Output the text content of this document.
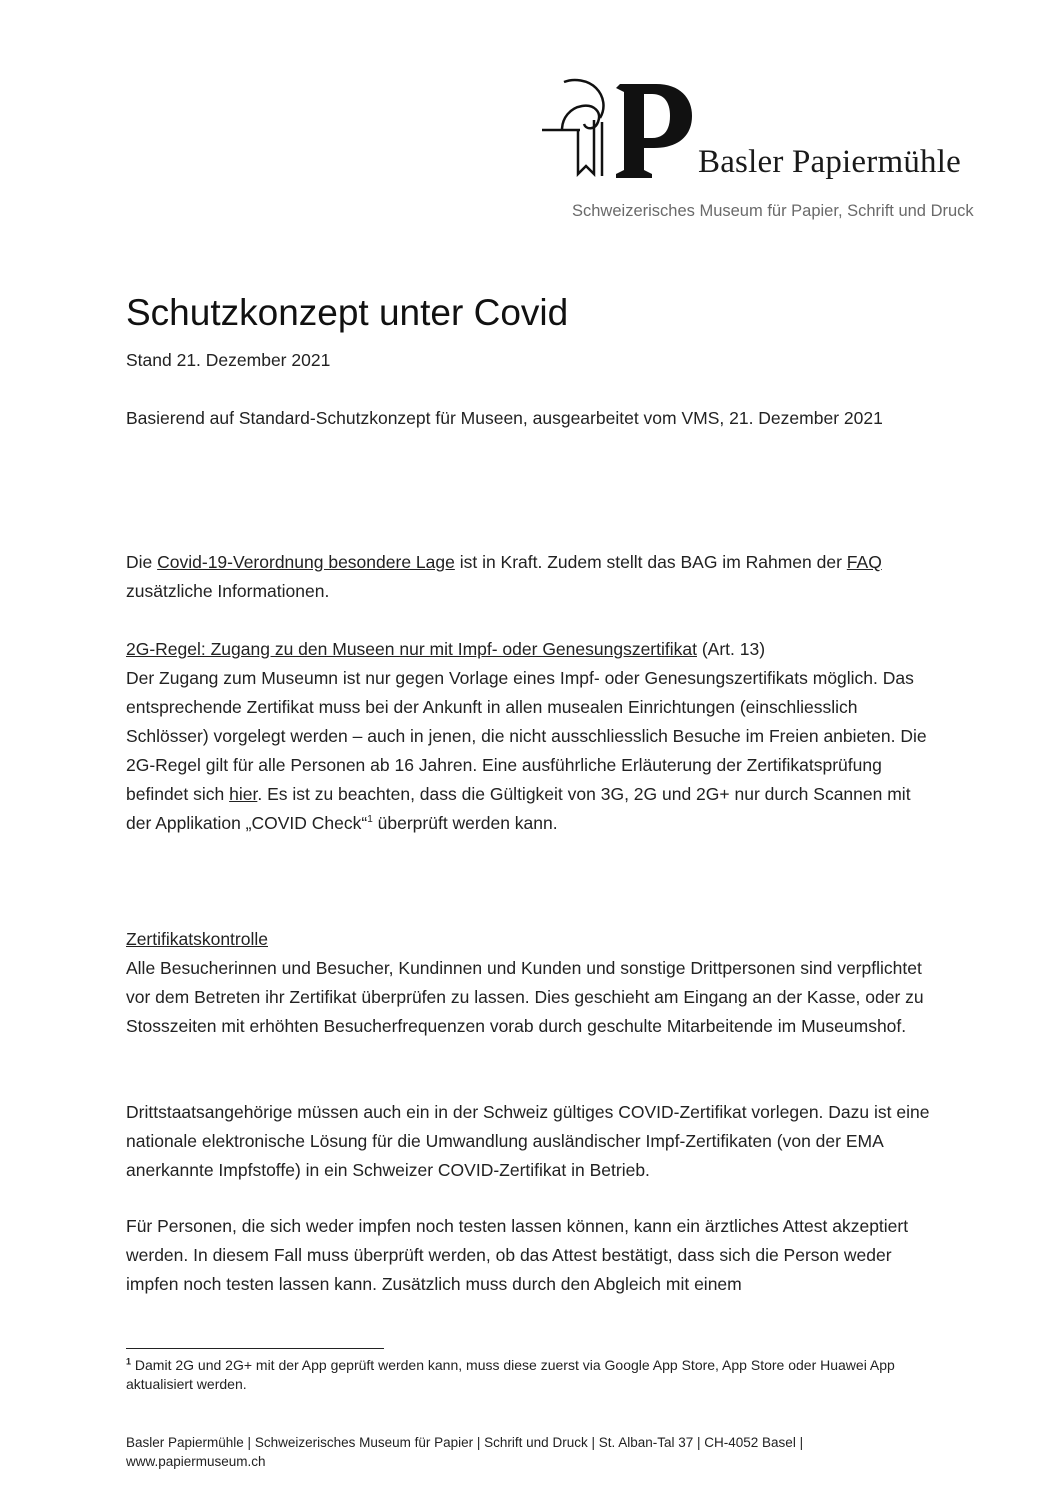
Basler Papiermühle
Schweizerisches Museum für Papier, Schrift und Druck
Schutzkonzept unter Covid

Stand 21. Dezember 2021

Basierend auf Standard-Schutzkonzept für Museen, ausgearbeitet vom VMS, 21. Dezember 2021

Die Covid-19-Verordnung besondere Lage ist in Kraft. Zudem stellt das BAG im Rahmen der FAQ zusätzliche Informationen.

2G-Regel: Zugang zu den Museen nur mit Impf- oder Genesungszertifikat (Art. 13)
Der Zugang zum Museumn ist nur gegen Vorlage eines Impf- oder Genesungszertifikats möglich. Das entsprechende Zertifikat muss bei der Ankunft in allen musealen Einrichtungen (einschliesslich Schlösser) vorgelegt werden – auch in jenen, die nicht ausschliesslich Besuche im Freien anbieten. Die 2G-Regel gilt für alle Personen ab 16 Jahren. Eine ausführliche Erläuterung der Zertifikatsprüfung befindet sich hier. Es ist zu beachten, dass die Gültigkeit von 3G, 2G und 2G+ nur durch Scannen mit der Applikation „COVID Check“$^1$ überprüft werden kann.

Zertifikatskontrolle
Alle Besucherinnen und Besucher, Kundinnen und Kunden und sonstige Drittpersonen sind verpflichtet vor dem Betreten ihr Zertifikat überprüfen zu lassen. Dies geschieht am Eingang an der Kasse, oder zu Stosszeiten mit erhöhten Besucherfrequenzen vorab durch geschulte Mitarbeitende im Museumshof.

Drittstaatsangehörige müssen auch ein in der Schweiz gültiges COVID-Zertifikat vorlegen. Dazu ist eine nationale elektronische Lösung für die Umwandlung ausländischer Impf-Zertifikaten (von der EMA anerkannte Impfstoffe) in ein Schweizer COVID-Zertifikat in Betrieb.

Für Personen, die sich weder impfen noch testen lassen können, kann ein ärztliches Attest akzeptiert werden. In diesem Fall muss überprüft werden, ob das Attest bestätigt, dass sich die Person weder impfen noch testen lassen kann. Zusätzlich muss durch den Abgleich mit einem

$^1$ Damit 2G und 2G+ mit der App geprüft werden kann, muss diese zuerst via Google App Store, App Store oder Huawei App aktualisiert werden.
Basler Papiermühle | Schweizerisches Museum für Papier | Schrift und Druck | St. Alban-Tal 37 | CH-4052 Basel |
www.papiermuseum.ch
